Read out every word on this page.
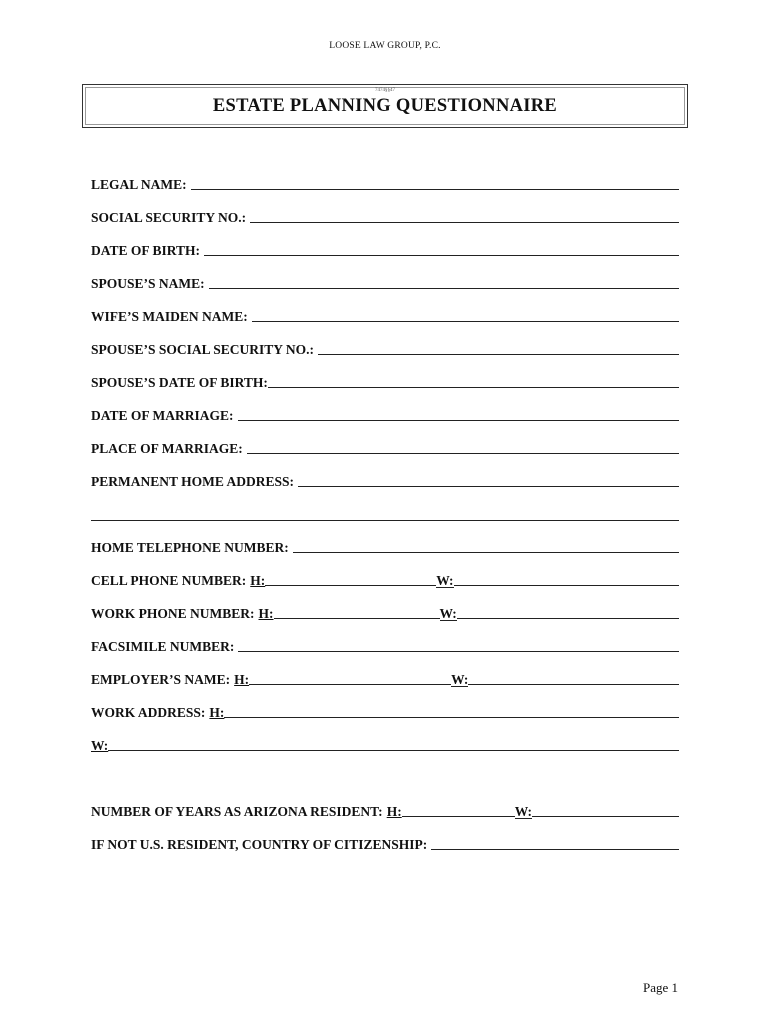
LOOSE LAW GROUP, P.C.
7474§§47
ESTATE PLANNING QUESTIONNAIRE
LEGAL NAME:
SOCIAL SECURITY NO.:
DATE OF BIRTH:
SPOUSE’S NAME:
WIFE’S MAIDEN NAME:
SPOUSE’S SOCIAL SECURITY NO.:
SPOUSE’S DATE OF BIRTH:
DATE OF MARRIAGE:
PLACE OF MARRIAGE:
PERMANENT HOME ADDRESS:
HOME TELEPHONE NUMBER:
CELL PHONE NUMBER: H:	W:
WORK PHONE NUMBER: H:	W:
FACSIMILE NUMBER:
EMPLOYER’S NAME: H:	W:
WORK ADDRESS: H:
W:
NUMBER OF YEARS AS ARIZONA RESIDENT: H:	W:
IF NOT U.S. RESIDENT, COUNTRY OF CITIZENSHIP:
Page 1
